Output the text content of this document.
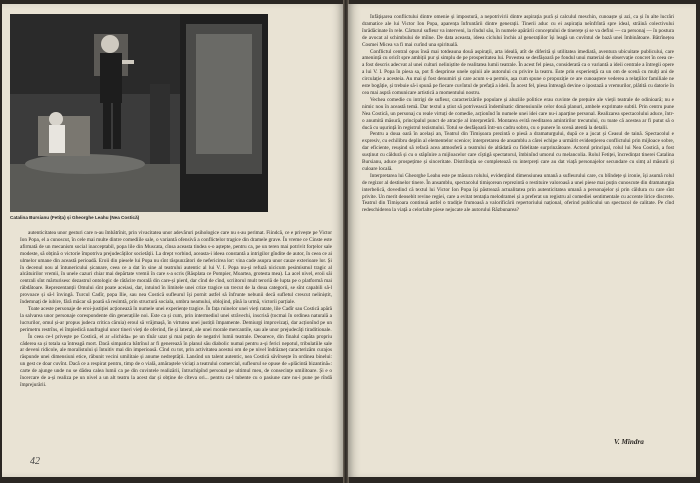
Catalina Bursianu (Fetița) și Gheorghe Leahu (Nea Costică)

autenticitatea unor gesturi care n-au îmbătrînit, prin vivacitatea unor adevăruri psihologice care nu s-au perimat. Fiindcă, ce e privește pe Victor Ion Popa, el a cunoscut, în cele mai multe dintre comediile sale, o variantă ofensivă a conflictelor tragice din dramele grave. În vreme ce Cinste este afirmată de un mecanism social inacceptabil, popa lile din Muscata, cînsa aceasta tindea s-o aștepte, pentru ca, pe un teren mai potrivit forțelor sale modeste, să obțină o victorie împotriva prejudecăților societății. La drept vorbind, aceasta-i ideea constantă a intrigilor gîndite de autor, în ceea ce ai ulmelor umane din această perioadă. Eroii din piesele lui Popa nu sînt răspunzători de nefericirea lor: vina cade asupra unor cauze exterioare lor. Și în decenul nou al întunericului șicanare, ceea ce a dat în sine al teatrului autentic al lui V. I. Popa nu-și refuză nicicum pesimismul tragic al alcătuirilor vremii, în unele cazuri chiar mai depărtate vremii în care s-a scris (Răsplata ce Pompier, Moartea, grotesta mea). La acel nivel, eroii săi centrali sînt mărturisesc dezastrul ontologic de rătăcire morală din care-și pierd, dar cînd de cînd, scriitorul mult teroriă de lupta pe o platformă mai răbdătoare. Reprezentanții Omului sînt poate aceiasi, dar, intuind în limitele unei crize tragice un trecut de la doua categorii, se sînt capabili să-l provoace și să-l învingă. Turcul Cadîr, popa Ilie, sau nea Costică sufleurul își pornit astfel să înfrunte nebunii decă sufletul crescut neliniștit, îndemnați de iubire, fără măcar să poată să resimtă, prin structură sociala, umbra neamului, oblojind, pînă la urmă, victorii parțiale.

Toate aceste personaje de eroi-justiției acționează în numele unei experiențe tragice. În fața ruinelor unei vieți ratate, lile Cadîr sau Costică apără la salvarea unor personaje corespondente din generațiile noi. Este ca și cum, prin intermediul unei străvechi, inscrisă (tocmai în ordinea naturală a lucrurilor, omul și-ar propus judeca critica căruia) eroul să vrăjmașă, în virtutea unei justiții împamente. Demiurgi improvizați, dar acționînd pe un perimetru restrîns, ei împiedică naufragiul unor tineri vieți de oferind, fie și lateral, ale unei morale mercantile, sau ale unor prejudecăți tiraditionale.

În ceea ce-l privește pe Costică, el ar »lichida« pe un tînăr uzat și mai puțin de negativi lumii teatrale. Deoarece, din finalul capăta propriu căderea sa și totala sa întreagă mort. Dacă simpatica bătrînul ar fi generează în planul său diabolic numai pentru a-și ferici nepotul, tribulatiile sale ar deveni ridicole, ale moralistului și întuitiv mai din imperioasă. Cînd cu tot, prin activitatea acestui om de pe nivel îndrăzneț caracterizăm curajos răspunde unei dimensiuni etice, răbunit vecini umilitaie și anume nedreptății. Lansînd un talent autentic, nea Costică săvîrsește în ordinea binelui: un gest ce doar cuvînt. Dacă ce a respirat pentru, timp de o vială, amăraștele viciați a teatrului comercial, sufleurul se opuse de »plăcintă bizantină«: carte de ajunge unde nu se dădea calea lumii ca pe din cuvintele realizării, întruchipînd personal pe ultimul meu, de consecințe umilitoare. Și e o încercare de a-și realiza pe un nivel a un alt teatru la acest dar și obține de cîteva ori... pentru ca-l tubente cu o pasiune care nu-i pune pe rîndă împrejurării.

42

Înfățișarea conflictului dintre omenie și impostură, a nepotrivirii dintre aspirația pură și calculul meschin, cunoaște și azi, ca și în alte lucrări dramatice ale lui Victor Ion Popa, aparența înfruntării dintre generații. Tinerii aduc cu ei aspirația neînfrîntă spre ideal, străină colectivului înrădăcinate în rele. Cărturul sufleur va interveni, la rîndul său, în numele apărării conceptului de tinerețe și se va defini — ca personaj — în postura de avocat al schimbului de mîine. De data aceasta, ideea ciclului închis al generațiilor își leagă un cuvîntul de bază unei îmbinătoare. Bătrînețea Cosmei Micea va fi mai curînd una spirituală.

Conflictul central opus însă mai totdeauna două aspirații, arta ideală, atît de diferită și utilitatea imediată, aventura ubicuitate publicului, care amenință cu oricît spre ambiții pur și simplu de pe prosperitatea lui. Povestea se desfășoară pe fondul unui material de observație concret în ceea ce-a fost descris adecvat al unei culturi neliniștite de realitatea lumii teatrale. În acest fel piesa, considerată ca o variantă a ideii centrale a întregii opere a lui V. I. Popa în piesa sa, pot fi desprinse unele opinii ale autorului cu privire la teatru. Este prin experiență ca un om de scenă cu mulți ani de circulație a acesteia. Au mai și fost denumiri și care acum s-a permis, așa cum spune o propoziție ce are cunoaștere vederea a relațiilor familiale ne este bogăție, și trebuie să-i spună pe fiecare cuvîntul de prefață a ideii. În acest fel, piesa întreagă devine o ipostază a vremurilor, plătită cu datorie în cea mai aspră comunicare artistică a momentului nostru.

Vechea comedie cu intrigi de sufleur, caracterizările populare și aluziile politice erau cuvinte de prețuire ale vieții teatrale de odinioară; nu e nimic nou în această temă. Dar textul a știut să potrivească îndemînatic dimensiunile celor două planuri, ambele exprimate subtil. Prin centru pune Nea Costică, un personaj cu reale virtuți de comedie, acționînd în numele unei idei care nu-i aparține personal. Realizarea spectacolului aduce, într-o anumită măsură, principalul punct de atracție al interpretării. Montarea evită reeditarea amintirilor trecutului, cu toate că acestea ar fi putut să o ducă cu ușurință în registrul tezismului. Totul se desfășoară într-un cadru sobru, cu o punere în scenă atentă la detalii.

Pentru a doua oară în același an, Teatrul din Timișoara prezintă o piesă a dramaturgului, după ce a jucat și Ceasul de taină. Spectacolul e expresiv, cu echilibru deplin al elementelor scenice; interpretarea de ansamblu a cărei echipe a urmărit evidențierea conflictului prin mijloace sobre, dar eficiente, reușind să refacă acea atmosferă a teatrului de altădată cu fidelitate surprinzătoare. Actorul principal, rolul lui Nea Costică, a fost susținut cu căldură și cu o stăpînire a mijloacelor care cîștigă spectatorul, îmbinînd umorul cu melancolia. Rolul Fetiței, încredințat tinerei Catalina Bursianu, aduce prospețime și sinceritate. Distribuția se completează cu interpreți care au dat viață personajelor secundare cu simț al măsurii și culoare locală.

Interpretarea lui Gheorghe Leahu este pe măsura rolului, evidențiind dimensiunea umană a sufleurului care, cu blîndețe și ironie, își asumă rolul de regizor al destinelor tinere. În ansamblu, spectacolul timișorean reprezintă o restituire valoroasă a unei piese mai puțin cunoscute din dramaturgia interbelică, dovedind că textul lui Victor Ion Popa își păstrează actualitatea prin autenticitatea umană a personajelor și prin căldura cu care sînt privite. Un merit deosebit revine regiei, care a evitat tentația melodramei și a preferat un registru al comediei sentimentale cu accente lirice discrete. Teatrul din Timișoara continuă astfel o tradiție frumoasă a valorificării repertoriului național, oferind publicului un spectacol de calitate. Pe cînd redeschiderea la viață a celorlalte piese nejucate ale autorului Răzbunarea?

V. Mîndra
